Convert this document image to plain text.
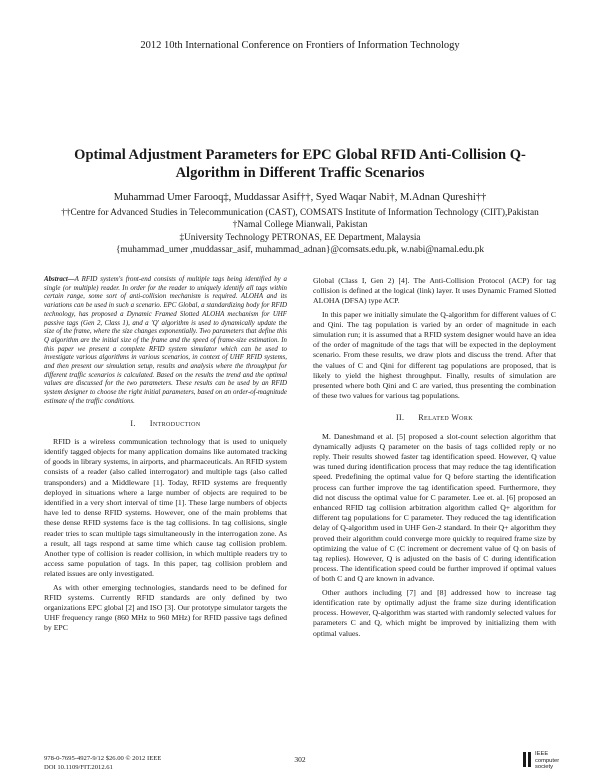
2012 10th International Conference on Frontiers of Information Technology
Optimal Adjustment Parameters for EPC Global RFID Anti-Collision Q-Algorithm in Different Traffic Scenarios
Muhammad Umer Farooq‡, Muddassar Asif††, Syed Waqar Nabi†, M.Adnan Qureshi††
††Centre for Advanced Studies in Telecommunication (CAST), COMSATS Institute of Information Technology (CIIT),Pakistan
†Namal College Mianwali, Pakistan
‡University Technology PETRONAS, EE Department, Malaysia
{muhammad_umer ,muddassar_asif, muhammad_adnan}@comsats.edu.pk, w.nabi@namal.edu.pk

Abstract—A RFID system's front-end consists of multiple tags being identified by a single (or multiple) reader. In order for the reader to uniquely identify all tags within certain range, some sort of anti-collision mechanism is required. ALOHA and its variations can be used in such a scenario. EPC Global, a standardizing body for RFID technology, has proposed a Dynamic Framed Slotted ALOHA mechanism for UHF passive tags (Gen 2, Class 1), and a 'Q' algorithm is used to dynamically update the size of the frame, where the size changes exponentially. Two parameters that define this Q algorithm are the initial size of the frame and the speed of frame-size estimation. In this paper we present a complete RFID system simulator which can be used to investigate various algorithms in various scenarios, in context of UHF RFID systems, and then present our simulation setup, results and analysis where the throughput for different traffic scenarios is calculated. Based on the results the trend and the optimal values are discussed for the two parameters. These results can be used by an RFID system designer to choose the right initial parameters, based on an order-of-magnitude estimate of the traffic conditions.

I. Introduction

RFID is a wireless communication technology that is used to uniquely identify tagged objects for many application domains like automated tracking of goods in library systems, in airports, and pharmaceuticals. An RFID system consists of a reader (also called interrogator) and multiple tags (also called transponders) and a Middleware [1]. Today, RFID systems are frequently deployed in situations where a large number of objects are required to be identified in a very short interval of time [1]. These large numbers of objects have led to dense RFID systems. However, one of the main problems that these dense RFID systems face is the tag collisions. In tag collisions, single reader tries to scan multiple tags simultaneously in the interrogation zone. As a result, all tags respond at same time which cause tag collision problem. Another type of collision is reader collision, in which multiple readers try to access same population of tags. In this paper, tag collision problem and related issues are only investigated.

As with other emerging technologies, standards need to be defined for RFID systems. Currently RFID standards are only defined by two organizations EPC global [2] and ISO [3]. Our prototype simulator targets the UHF frequency range (860 MHz to 960 MHz) for RFID passive tags defined by EPC

Global (Class I, Gen 2) [4]. The Anti-Collision Protocol (ACP) for tag collision is defined at the logical (link) layer. It uses Dynamic Framed Slotted ALOHA (DFSA) type ACP.

In this paper we initially simulate the Q-algorithm for different values of C and Qini. The tag population is varied by an order of magnitude in each simulation run; it is assumed that a RFID system designer would have an idea of the order of magnitude of the tags that will be expected in the deployment scenario. From these results, we draw plots and discuss the trend. After that the values of C and Qini for different tag populations are proposed, that is likely to yield the highest throughput. Finally, results of simulation are presented where both Qini and C are varied, thus presenting the combination of these two values for various tag populations.

II. Related Work

M. Daneshmand et al. [5] proposed a slot-count selection algorithm that dynamically adjusts Q parameter on the basis of tags collided reply or no reply. Their results showed faster tag identification speed. However, Q value was tuned during identification process that may reduce the tag identification speed. Predefining the optimal value for Q before starting the identification process can further improve the tag identification speed. Furthermore, they did not discuss the optimal value for C parameter. Lee et. al. [6] proposed an enhanced RFID tag collision arbitration algorithm called Q+ algorithm for different tag populations for C parameter. They reduced the tag identification delay of Q-algorithm used in UHF Gen-2 standard. In their Q+ algorithm they proved their algorithm could converge more quickly to required frame size by optimizing the value of C (C increment or decrement value of Q on basis of tag replies). However, Q is adjusted on the basis of C during identification process. The identification speed could be further improved if optimal values of both C and Q are known in advance.

Other authors including [7] and [8] addressed how to increase tag identification rate by optimally adjust the frame size during identification process. However, Q-algorithm was started with randomly selected values for parameters C and Q, which might be improved by initializing them with optimal values.

978-0-7695-4927-9/12 $26.00 © 2012 IEEE
DOI 10.1109/FIT.2012.61
302
IEEE computer society
